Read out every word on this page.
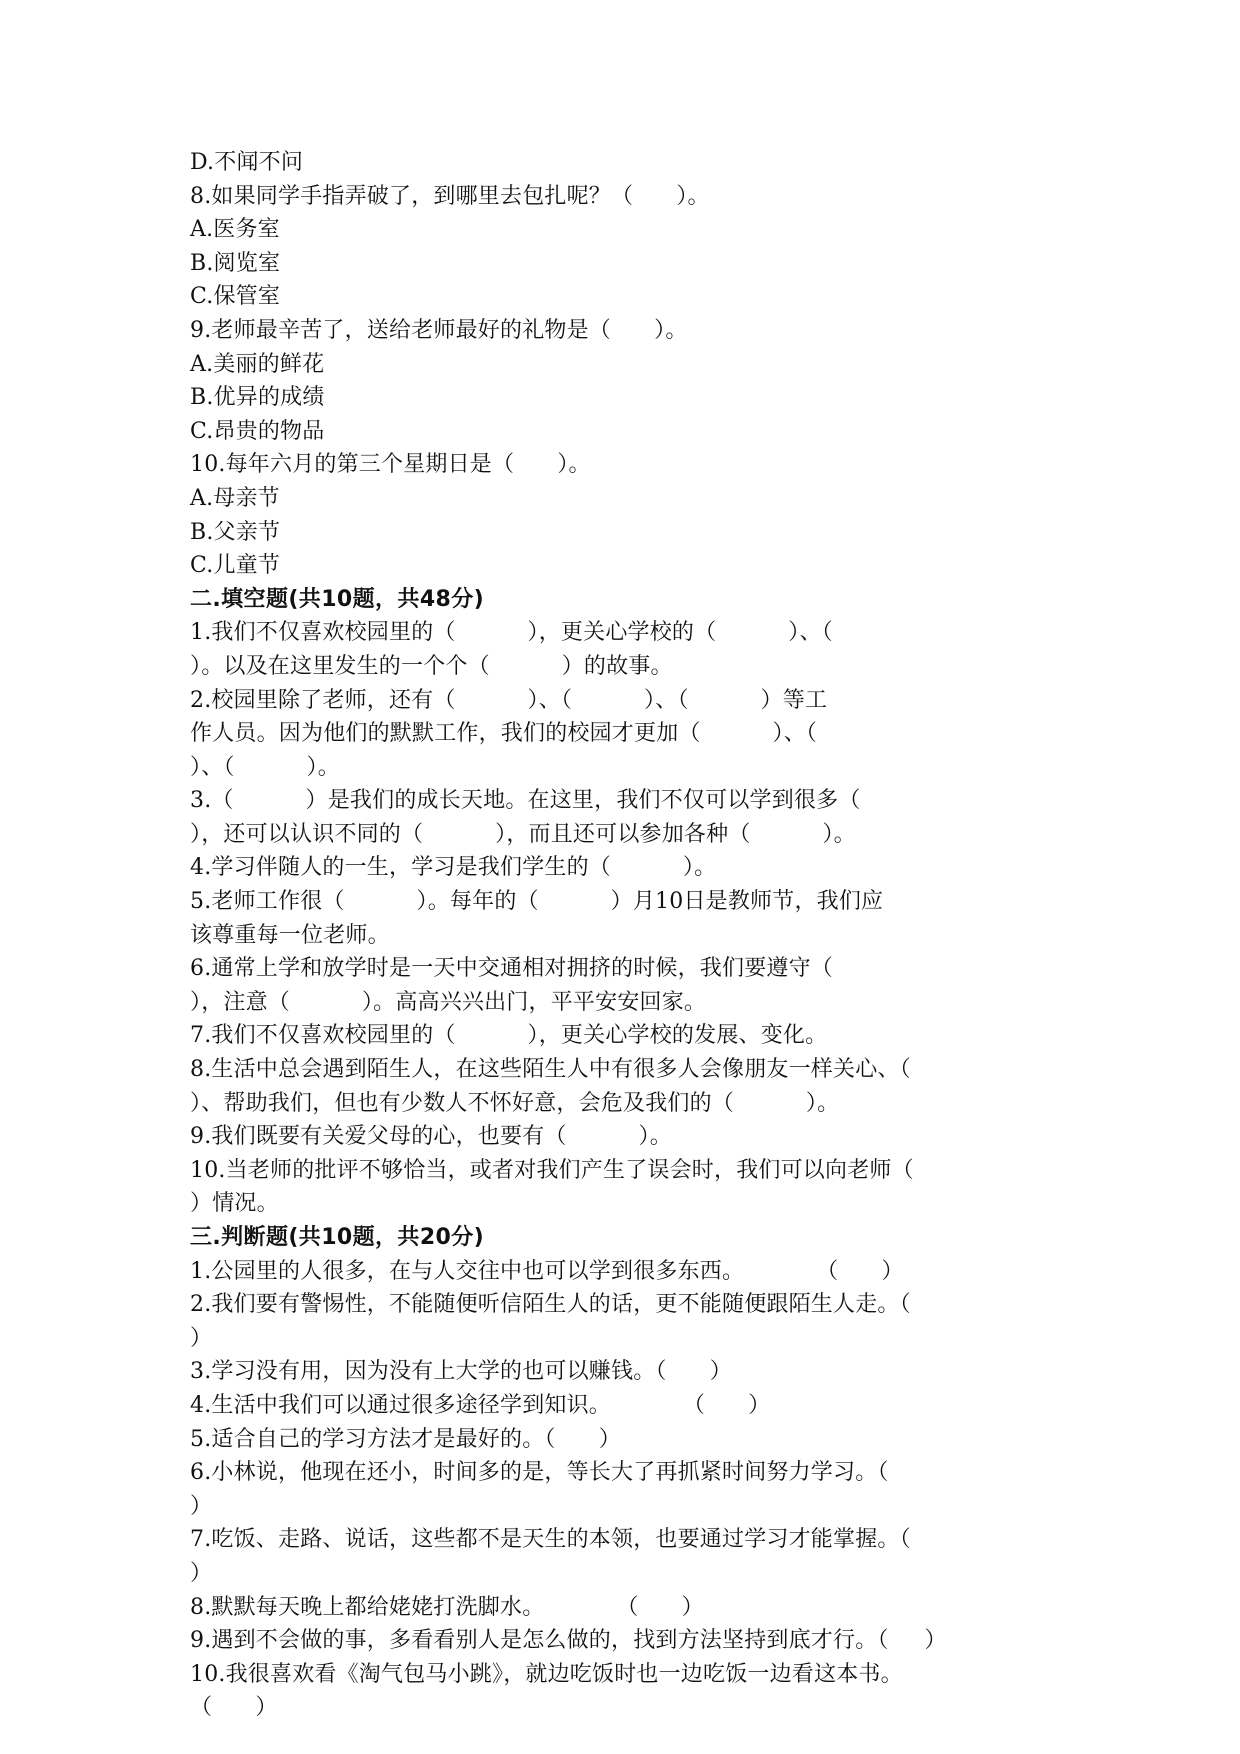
D.不闻不问
8.如果同学手指弄破了，到哪里去包扎呢？（      ）。
A.医务室
B.阅览室
C.保管室
9.老师最辛苦了，送给老师最好的礼物是（      ）。
A.美丽的鲜花
B.优异的成绩
C.昂贵的物品
10.每年六月的第三个星期日是（      ）。
A.母亲节
B.父亲节
C.儿童节
二.填空题(共10题，共48分)
1.我们不仅喜欢校园里的（          ），更关心学校的（          ）、（
）。以及在这里发生的一个个（          ）的故事。
2.校园里除了老师，还有（          ）、（          ）、（          ）等工
作人员。因为他们的默默工作，我们的校园才更加（          ）、（
）、（          ）。
3.（          ）是我们的成长天地。在这里，我们不仅可以学到很多（
），还可以认识不同的（          ），而且还可以参加各种（          ）。
4.学习伴随人的一生，学习是我们学生的（          ）。
5.老师工作很（          ）。每年的（          ）月10日是教师节，我们应
该尊重每一位老师。
6.通常上学和放学时是一天中交通相对拥挤的时候，我们要遵守（
），注意（          ）。高高兴兴出门，平平安安回家。
7.我们不仅喜欢校园里的（          ），更关心学校的发展、变化。
8.生活中总会遇到陌生人，在这些陌生人中有很多人会像朋友一样关心、（
）、帮助我们，但也有少数人不怀好意，会危及我们的（          ）。
9.我们既要有关爱父母的心，也要有（          ）。
10.当老师的批评不够恰当，或者对我们产生了误会时，我们可以向老师（
）情况。
三.判断题(共10题，共20分)
1.公园里的人很多，在与人交往中也可以学到很多东西。          （      ）
2.我们要有警惕性，不能随便听信陌生人的话，更不能随便跟陌生人走。（
）
3.学习没有用，因为没有上大学的也可以赚钱。（      ）
4.生活中我们可以通过很多途径学到知识。          （      ）
5.适合自己的学习方法才是最好的。（      ）
6.小林说，他现在还小，时间多的是，等长大了再抓紧时间努力学习。（
）
7.吃饭、走路、说话，这些都不是天生的本领，也要通过学习才能掌握。（
）
8.默默每天晚上都给姥姥打洗脚水。          （      ）
9.遇到不会做的事，多看看别人是怎么做的，找到方法坚持到底才行。（     ）
10.我很喜欢看《淘气包马小跳》，就边吃饭时也一边吃饭一边看这本书。
（      ）
